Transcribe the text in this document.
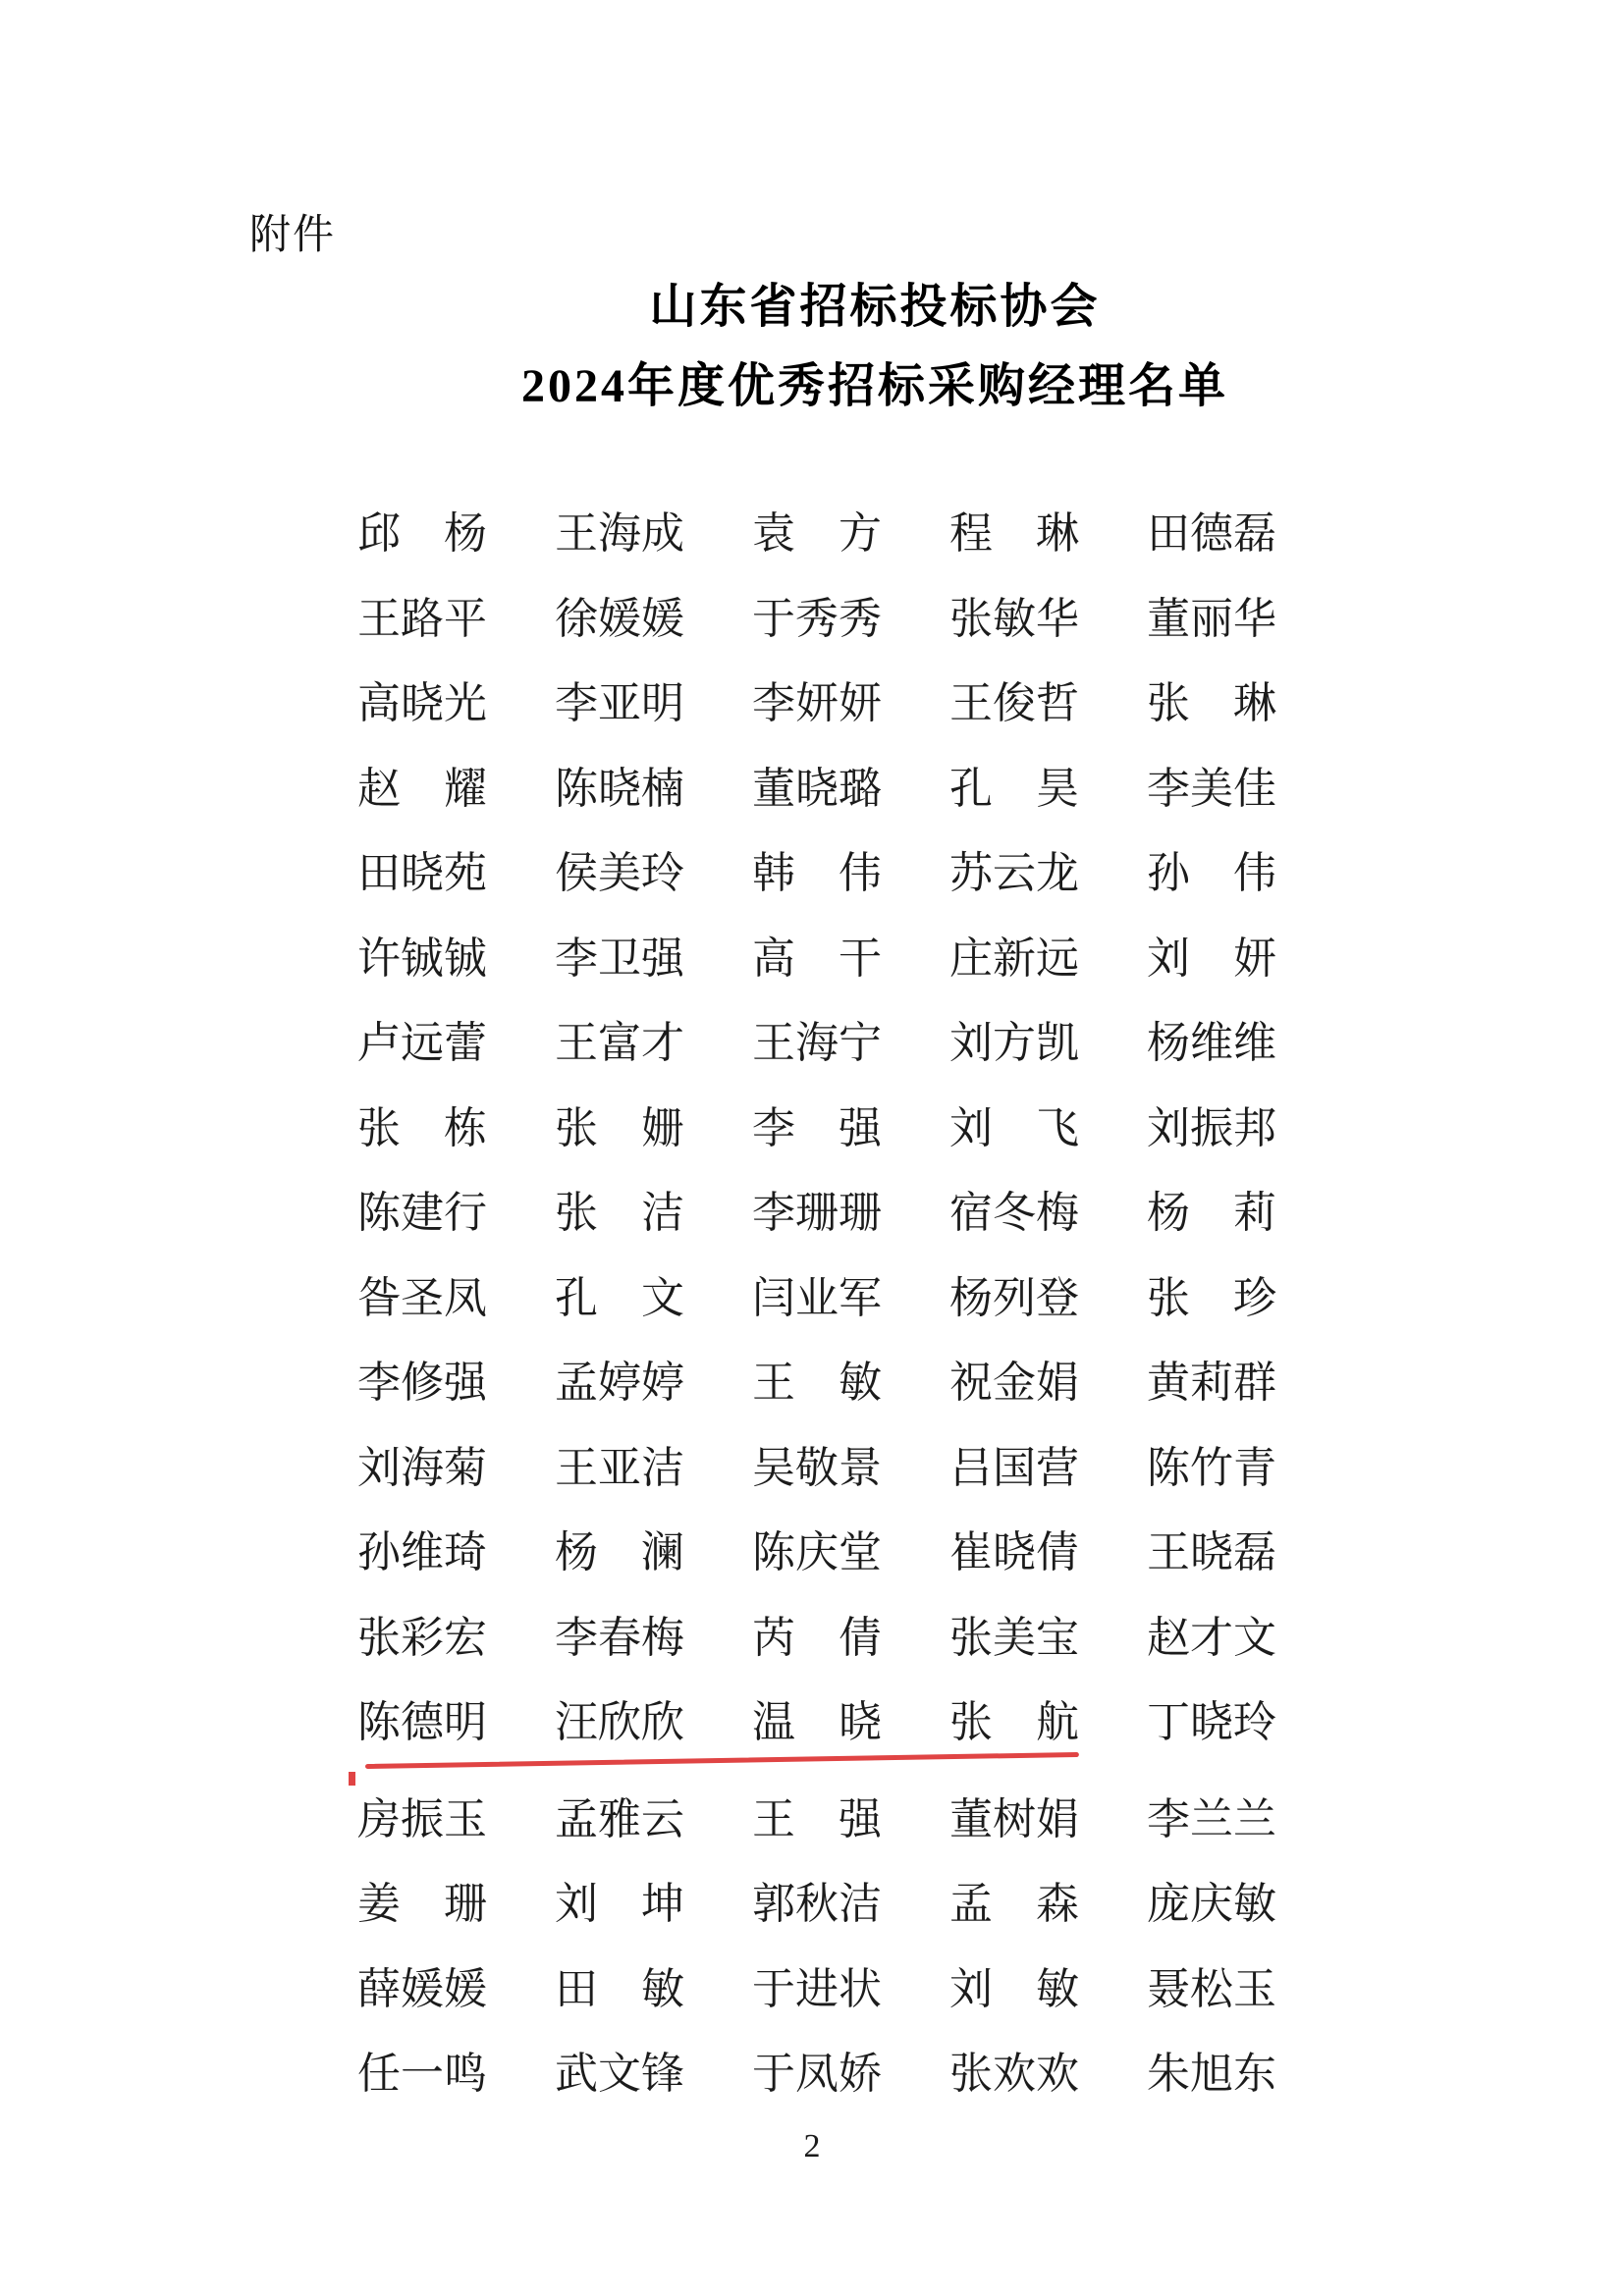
附件
山东省招标投标协会
2024年度优秀招标采购经理名单
邱　杨 王海成 袁　方 程　琳 田德磊
王路平 徐媛媛 于秀秀 张敏华 董丽华
高晓光 李亚明 李妍妍 王俊哲 张　琳
赵　耀 陈晓楠 董晓璐 孔　昊 李美佳
田晓苑 侯美玲 韩　伟 苏云龙 孙　伟
许铖铖 李卫强 高　干 庄新远 刘　妍
卢远蕾 王富才 王海宁 刘方凯 杨维维
张　栋 张　姗 李　强 刘　飞 刘振邦
陈建行 张　洁 李珊珊 宿冬梅 杨　莉
昝圣凤 孔　文 闫业军 杨列登 张　珍
李修强 孟婷婷 王　敏 祝金娟 黄莉群
刘海菊 王亚洁 吴敬景 吕国营 陈竹青
孙维琦 杨　澜 陈庆堂 崔晓倩 王晓磊
张彩宏 李春梅 芮　倩 张美宝 赵才文
陈德明 汪欣欣 温　晓 张　航 丁晓玲
房振玉 孟雅云 王　强 董树娟 李兰兰
姜　珊 刘　坤 郭秋洁 孟　森 庞庆敏
薛媛媛 田　敏 于进状 刘　敏 聂松玉
任一鸣 武文锋 于凤娇 张欢欢 朱旭东
2
